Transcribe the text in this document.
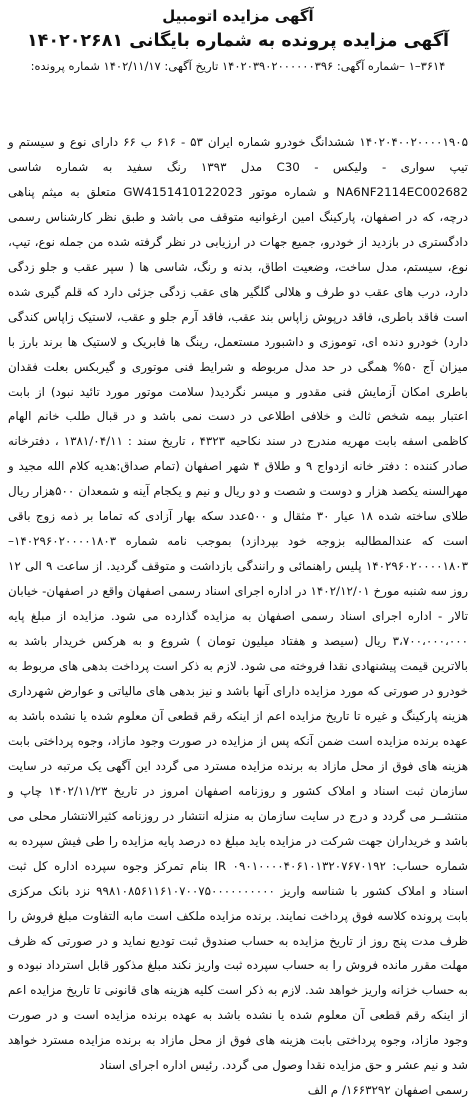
آگهی مزایده اتومبیل
آگهی مزایده پرونده به شماره بایگانی ۱۴۰۲۰۲۶۸۱
۳۶۱۴–۱ –شماره آگهی: ۱۴۰۲۰۳۹۰۲۰۰۰۰۰۰۳۹۶ تاریخ آگهی: ۱۴۰۲/۱۱/۱۷ شماره پرونده:

۱۴۰۲۰۴۰۰۲۰۰۰۰۱۹۰۵ ششدانگ خودرو شماره ایران ۵۳ - ۶۱۶ ب ۶۶ دارای نوع و سیستم و تیپ سواری - ولیکس - C30 مدل ۱۳۹۳ رنگ سفید به شماره شاسی NA6NF2114EC002682 و شماره موتور GW4151410122023 متعلق به میثم پناهی درچه، که در اصفهان، پارکینگ امین ارغوانیه متوقف می باشد و طبق نظر کارشناس رسمی دادگستری در بازدید از خودرو، جمیع جهات در ارزیابی در نظر گرفته شده من جمله نوع، تیپ، نوع، سیستم، مدل ساخت، وضعیت اطاق، بدنه و رنگ، شاسی ها ( سپر عقب و جلو زدگی دارد، درب های عقب دو طرف و هلالی گلگیر های عقب زدگی جزئی دارد که قلم گیری شده است فاقد باطری، فاقد درپوش زاپاس بند عقب، فاقد آرم جلو و عقب، لاستیک زاپاس کندگی دارد) خودرو دنده ای، توموزی و داشبورد مستعمل، رینگ ها فابریک و لاستیک ها برند بارز با میزان آج ۵۰% همگی در حد مدل مربوطه و شرایط فنی موتوری و گیربکس بعلت فقدان باطری امکان آزمایش فنی مقدور و میسر نگردید( سلامت موتور مورد تائید نبود) از بابت اعتبار بیمه شخص ثالث و خلافی اطلاعی در دست نمی باشد و در قبال طلب خانم الهام کاظمی اسفه بابت مهریه مندرج در سند نکاحیه ۴۳۲۳ ، تاریخ سند : ۱۳۸۱/۰۴/۱۱ ، دفترخانه صادر کننده : دفتر خانه ازدواج ۹ و طلاق ۴ شهر اصفهان (تمام صداق:هدیه کلام الله مجید و مهرالسنه یکصد هزار و دوست و شصت و دو ریال و نیم و یکجام آینه و شمعدان ۵۰۰هزار ریال طلای ساخته شده ۱۸ عیار ۳۰ مثقال و ۵۰۰عدد سکه بهار آزادی که تماما بر ذمه زوج باقی است که عندالمطالبه بزوجه خود بپردازد) بموجب نامه شماره ۱۴۰۲۹۶۰۲۰۰۰۰۱۸۰۳–۱۴۰۲۹۶۰۲۰۰۰۰۱۸۰۳ پلیس راهنمائی و رانندگی بازداشت و متوقف گردید. از ساعت ۹ الی ۱۲ روز سه شنبه مورخ ۱۴۰۲/۱۲/۰۱ در اداره اجرای اسناد رسمی اصفهان واقع در اصفهان- خیابان تالار - اداره اجرای اسناد رسمی اصفهان به مزایده گذارده می شود. مزایده از مبلغ پایه ۳،۷۰۰،۰۰۰،۰۰۰ ریال (سیصد و هفتاد میلیون تومان ) شروع و به هرکس خریدار باشد به بالاترین قیمت پیشنهادی نقدا فروخته می شود. لازم به ذکر است پرداخت بدهی های مربوط به خودرو در صورتی که مورد مزایده دارای آنها باشد و نیز بدهی های مالیاتی و عوارض شهرداری هزینه پارکینگ و غیره تا تاریخ مزایده اعم از اینکه رقم قطعی آن معلوم شده یا نشده باشد به عهده برنده مزایده است ضمن آنکه پس از مزایده در صورت وجود مازاد، وجوه پرداختی بابت هزینه های فوق از محل مازاد به برنده مزایده مسترد می گردد این آگهی یک مرتبه در سایت سازمان ثبت اسناد و املاک کشور و روزنامه اصفهان امروز در تاریخ ۱۴۰۲/۱۱/۲۳ چاپ و منتشــر می گردد و درج در سایت سازمان به منزله انتشار در روزنامه کثیرالانتشار محلی می باشد و خریداران جهت شرکت در مزایده باید مبلغ ده درصد پایه مزایده را طی فیش سپرده به شماره حساب: IR ۰۹۰۱۰۰۰۰۴۰۶۱۰۱۳۲۰۷۶۷۰۱۹۲ بنام تمرکز وجوه سپرده اداره کل ثبت اسناد و املاک کشور با شناسه واریز ۹۹۸۱۰۸۵۶۱۱۶۱۰۷۰۰۷۵۰۰۰۰۰۰۰۰۰۰ نزد بانک مرکزی بابت پرونده کلاسه فوق پرداخت نمایند. برنده مزایده ملکف است مابه التفاوت مبلغ فروش را ظرف مدت پنج روز از تاریخ مزایده به حساب صندوق ثبت تودیع نماید و در صورتی که ظرف مهلت مقرر مانده فروش را به حساب سپرده ثبت واریز نکند مبلغ مذکور قابل استرداد نبوده و به حساب خزانه واریز خواهد شد. لازم به ذکر است کلیه هزینه های قانونی تا تاریخ مزایده اعم از اینکه رقم قطعی آن معلوم شده یا نشده باشد به عهده برنده مزایده است و در صورت وجود مازاد، وجوه پرداختی بابت هزینه های فوق از محل مازاد به برنده مزایده مسترد خواهد شد و نیم عشر و حق مزایده نقدا وصول می گردد. رئیس اداره اجرای اسناد

رسمی اصفهان ۱۶۶۳۲۹۲/ م الف
